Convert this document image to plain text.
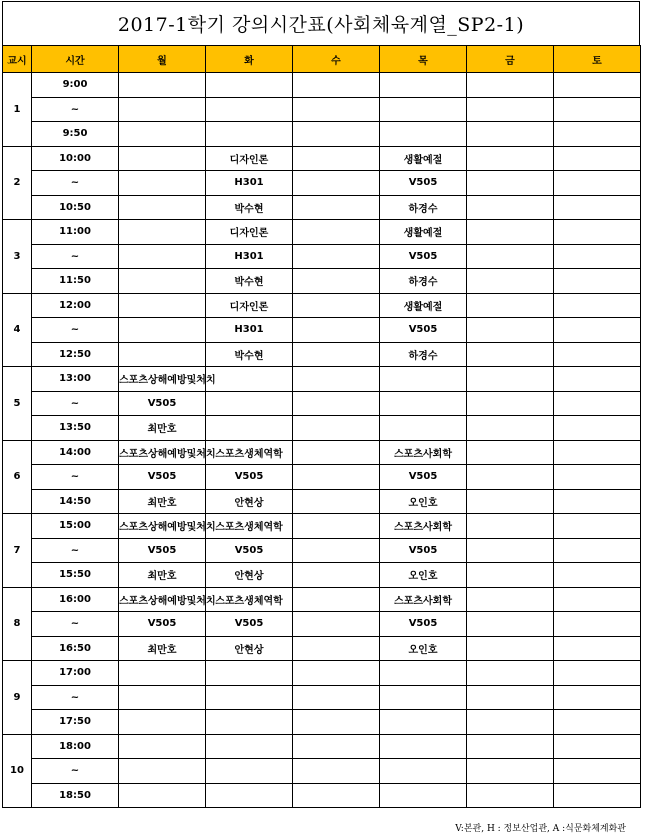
2017-1학기 강의시간표(사회체육계열_SP2-1)
교시	시간	월	화	수	목	금	토
1	9:00						
	~						
	9:50						
2	10:00		디자인론		생활예절		
	~		H301		V505		
	10:50		박수현		하경수		
3	11:00		디자인론		생활예절		
	~		H301		V505		
	11:50		박수현		하경수		
4	12:00		디자인론		생활예절		
	~		H301		V505		
	12:50		박수현		하경수		
5	13:00	스포츠상해예방및처치					
	~	V505					
	13:50	최만호					
6	14:00	스포츠상해예방및처치	스포츠생체역학		스포츠사회학		
	~	V505	V505		V505		
	14:50	최만호	안현상		오인호		
7	15:00	스포츠상해예방및처치	스포츠생체역학		스포츠사회학		
	~	V505	V505		V505		
	15:50	최만호	안현상		오인호		
8	16:00	스포츠상해예방및처치	스포츠생체역학		스포츠사회학		
	~	V505	V505		V505		
	16:50	최만호	안현상		오인호		
9	17:00						
	~						
	17:50						
10	18:00						
	~						
	18:50						
V:본관, H : 정보산업관, A :식문화체계화관
